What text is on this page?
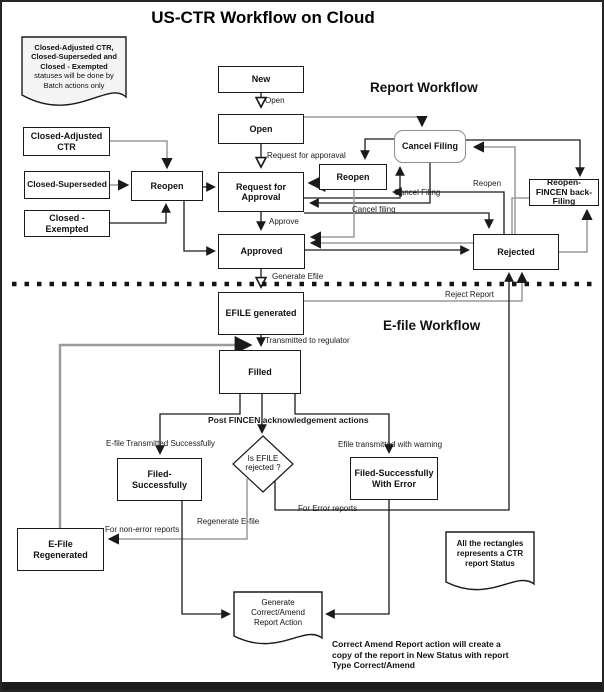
US-CTR Workflow on Cloud
Report Workflow
E-file Workflow
New
Open
Request for Approval
Approved
Reopen
Cancel Filing
Reopen-FINCEN back-Filing
Rejected
Closed-Adjusted CTR
Closed-Superseded
Closed - Exempted
Reopen
EFILE generated
Filled
Filed-Successfully
Filed-Successfully With Error
E-File Regenerated
Is EFILE
rejected ?
Generate Correct/Amend Report Action
Closed-Adjusted CTR, Closed-Superseded and Closed - Exempted statuses will be done by Batch actions only
All the rectangles represents a CTR report Status
Correct Amend Report action will create a copy of the report in New Status with report Type Correct/Amend
Open
Request for apporaval
Approve
Generate Efile
Cancel Filing
Cancel filing
Reopen
Reject Report
Transmitted to regulator
Post FINCEN acknowledgement actions
E-file Transmitted Successfully	Efile transmitted with warning
For Error reports
For non-error reports
Regenerate E-file
